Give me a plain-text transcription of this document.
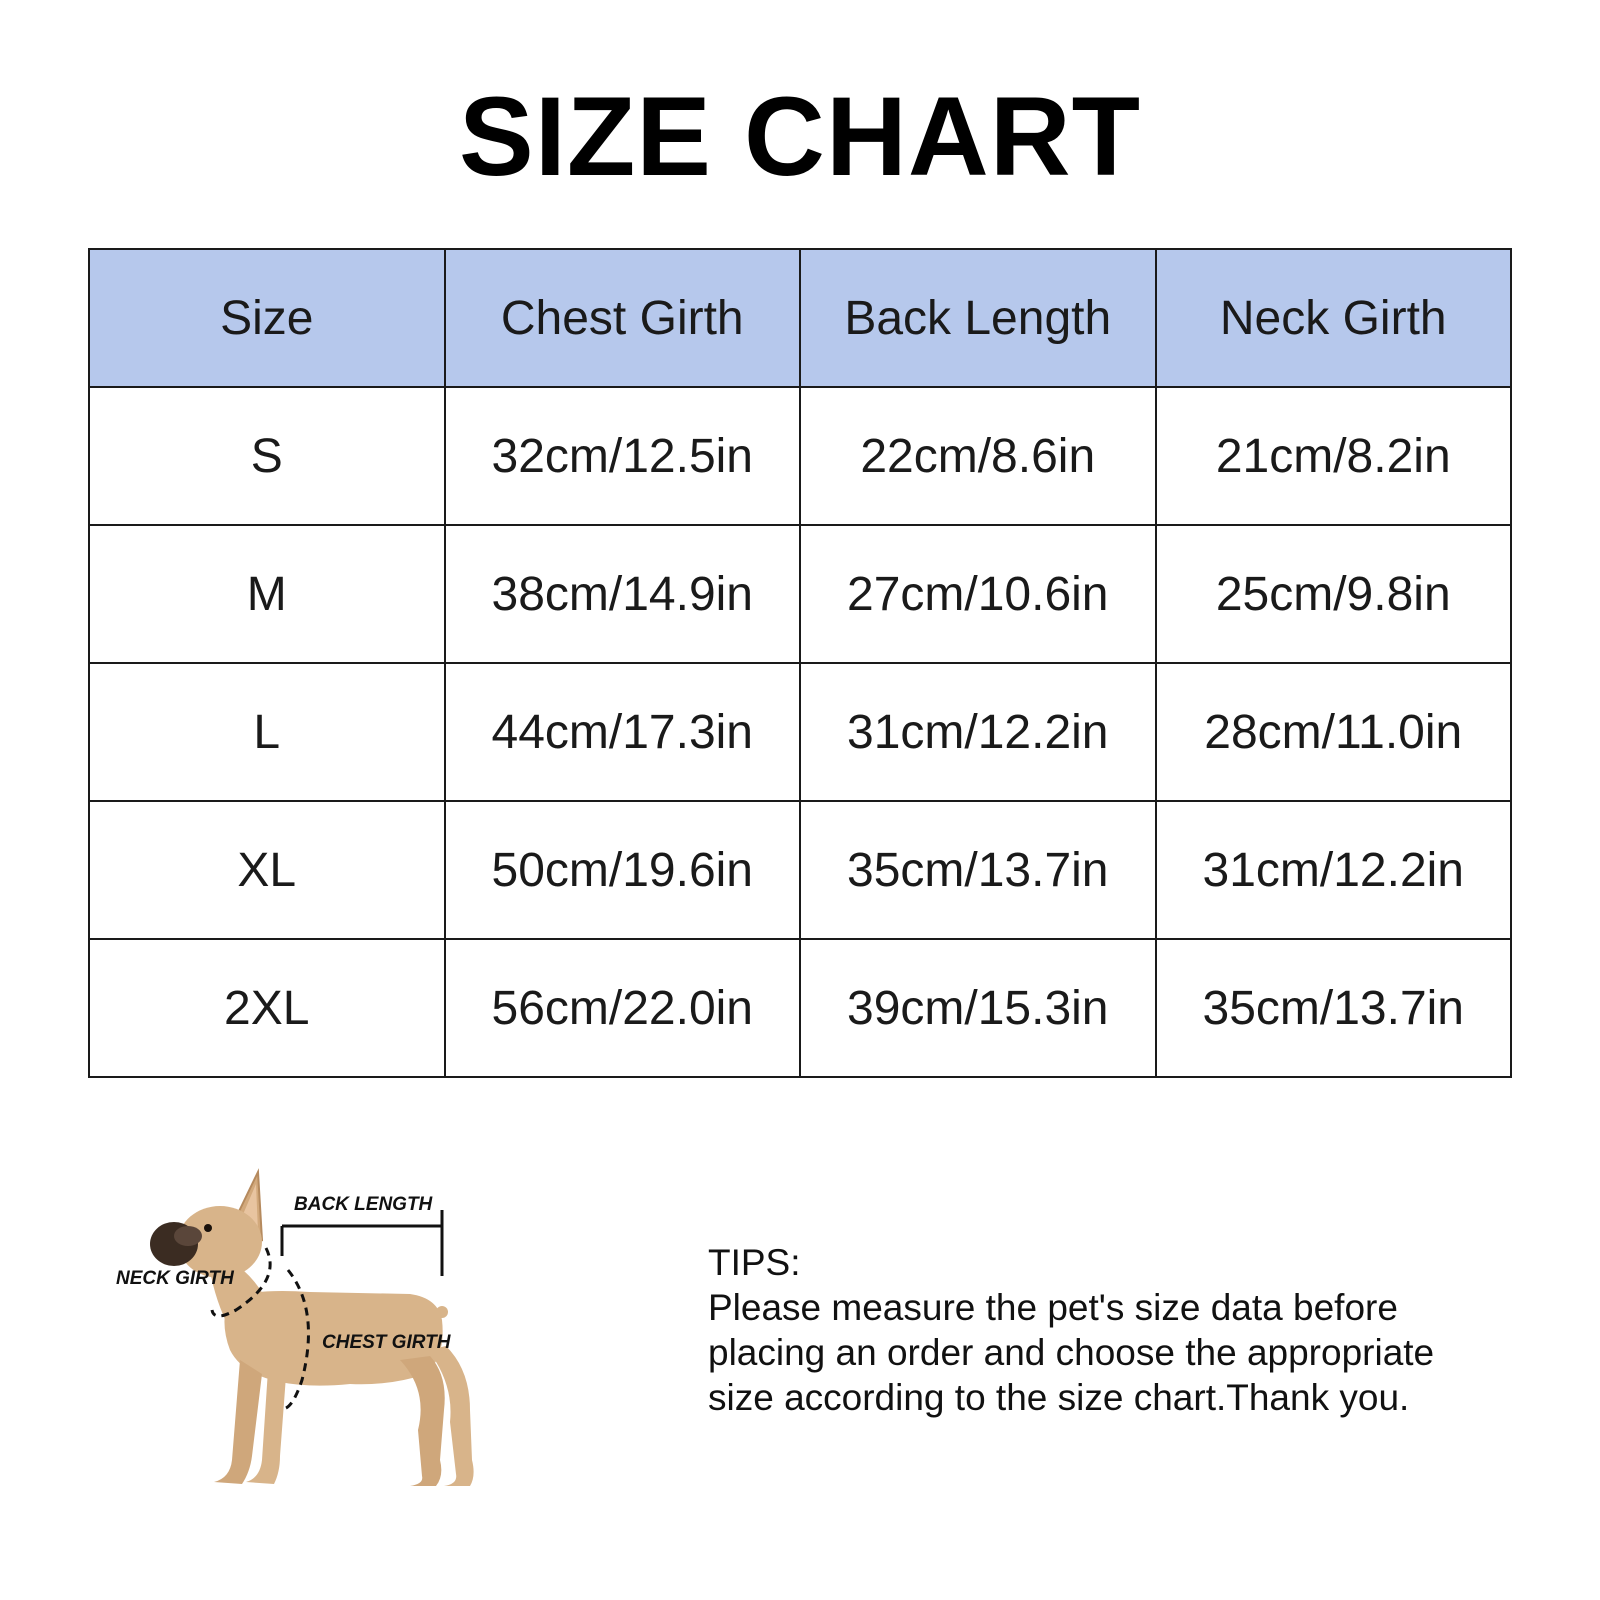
SIZE CHART
Size	Chest Girth	Back Length	Neck Girth
S	32cm/12.5in	22cm/8.6in	21cm/8.2in
M	38cm/14.9in	27cm/10.6in	25cm/9.8in
L	44cm/17.3in	31cm/12.2in	28cm/11.0in
XL	50cm/19.6in	35cm/13.7in	31cm/12.2in
2XL	56cm/22.0in	39cm/15.3in	35cm/13.7in
BACK LENGTH
NECK GIRTH
CHEST GIRTH
TIPS:
Please measure the pet's size data before
placing an order and choose the appropriate
size according to the size chart.Thank you.
